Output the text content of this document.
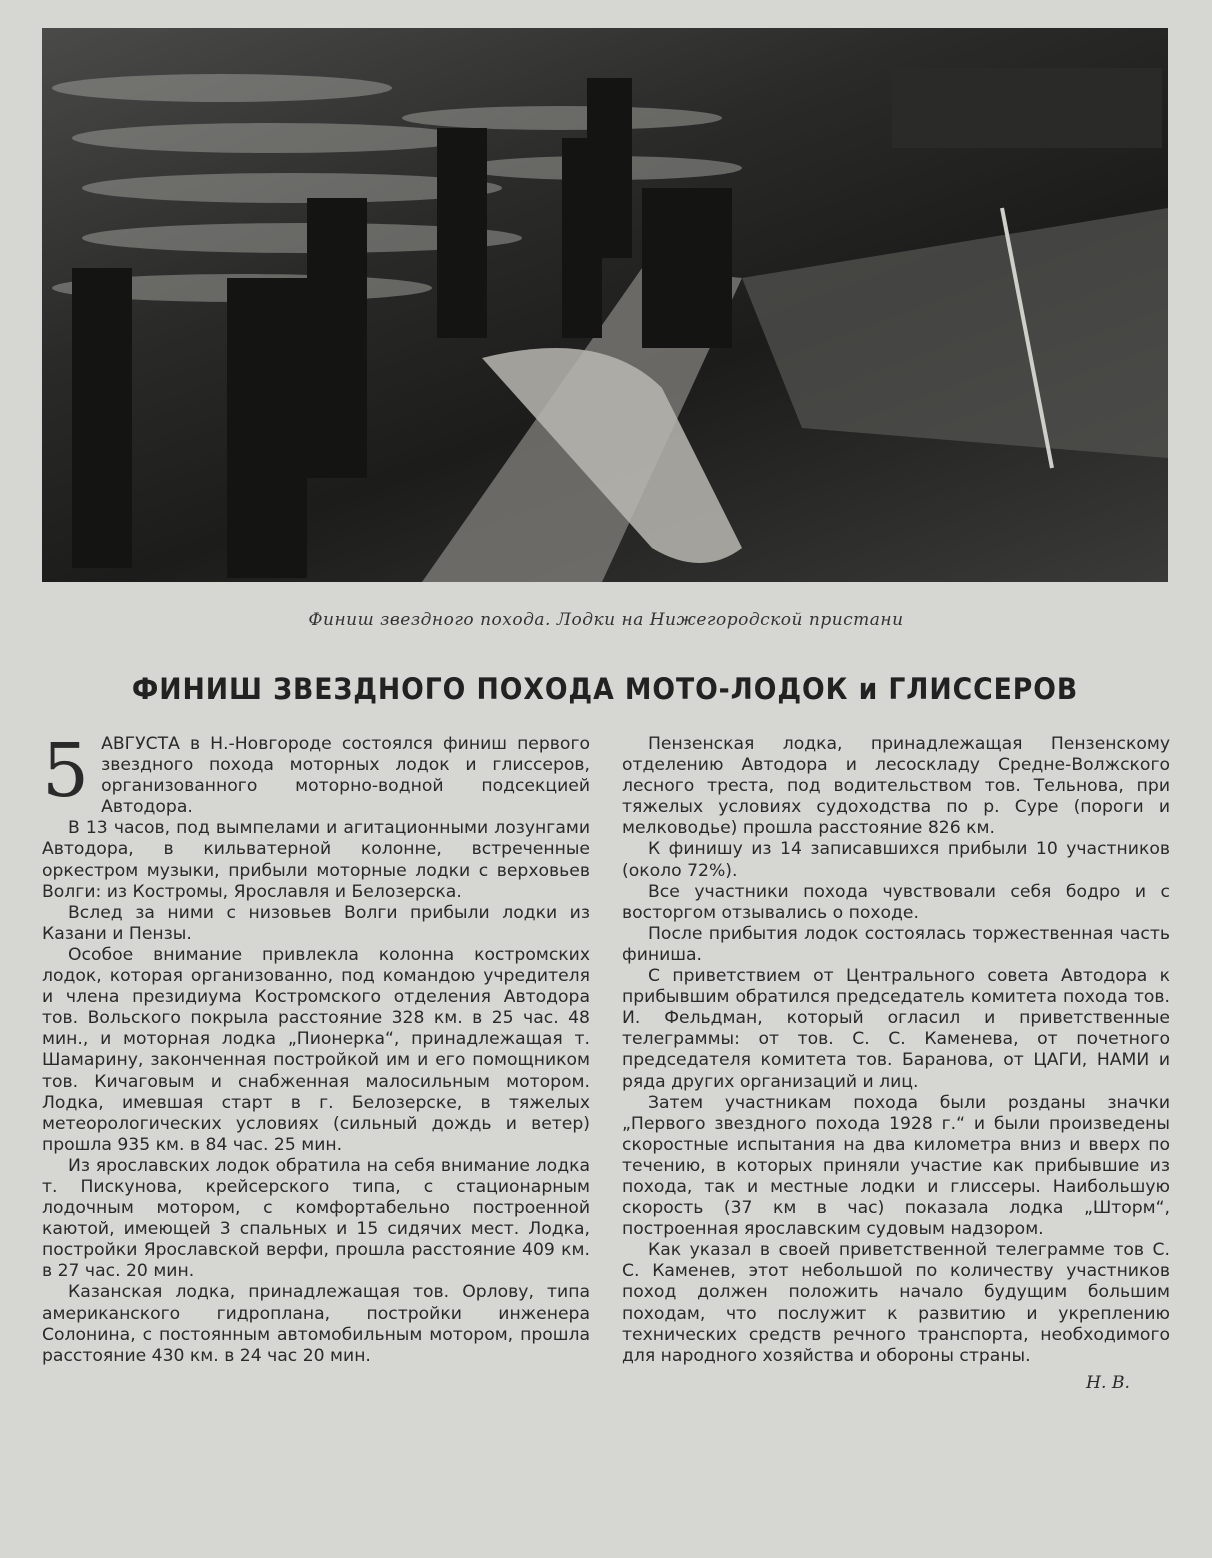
Финиш звездного похода. Лодки на Нижегородской пристани
ФИНИШ ЗВЕЗДНОГО ПОХОДА МОТО-ЛОДОК и ГЛИССЕРОВ
5 АВГУСТА в Н.-Новгороде состоялся финиш первого звездного похода моторных лодок и глиссеров, организованного моторно-водной подсекцией Автодора.

В 13 часов, под вымпелами и агитационными лозунгами Автодора, в кильватерной колонне, встреченные оркестром музыки, прибыли моторные лодки с верховьев Волги: из Костромы, Ярославля и Белозерска.

Вслед за ними с низовьев Волги прибыли лодки из Казани и Пензы.

Особое внимание привлекла колонна костромских лодок, которая организованно, под командою учредителя и члена президиума Костромского отделения Автодора тов. Вольского покрыла расстояние 328 км. в 25 час. 48 мин., и моторная лодка „Пионерка“, принадлежащая т. Шамарину, законченная постройкой им и его помощником тов. Кичаговым и снабженная малосильным мотором. Лодка, имевшая старт в г. Белозерске, в тяжелых метеорологических условиях (сильный дождь и ветер) прошла 935 км. в 84 час. 25 мин.

Из ярославских лодок обратила на себя внимание лодка т. Пискунова, крейсерского типа, с стационарным лодочным мотором, с комфортабельно построенной каютой, имеющей 3 спальных и 15 сидячих мест. Лодка, постройки Ярославской верфи, прошла расстояние 409 км. в 27 час. 20 мин.

Казанская лодка, принадлежащая тов. Орлову, типа американского гидроплана, постройки инженера Солонина, с постоянным автомобильным мотором, прошла расстояние 430 км. в 24 час 20 мин.

Пензенская лодка, принадлежащая Пензенскому отделению Автодора и лесоскладу Средне-Волжского лесного треста, под водительством тов. Тельнова, при тяжелых условиях судоходства по р. Суре (пороги и мелководье) прошла расстояние 826 км.

К финишу из 14 записавшихся прибыли 10 участников (около 72%).

Все участники похода чувствовали себя бодро и с восторгом отзывались о походе.

После прибытия лодок состоялась торжественная часть финиша.

С приветствием от Центрального совета Автодора к прибывшим обратился председатель комитета похода тов. И. Фельдман, который огласил и приветственные телеграммы: от тов. С. С. Каменева, от почетного председателя комитета тов. Баранова, от ЦАГИ, НАМИ и ряда других организаций и лиц.

Затем участникам похода были розданы значки „Первого звездного похода 1928 г.“ и были произведены скоростные испытания на два километра вниз и вверх по течению, в которых приняли участие как прибывшие из похода, так и местные лодки и глиссеры. Наибольшую скорость (37 км в час) показала лодка „Шторм“, построенная ярославским судовым надзором.

Как указал в своей приветственной телеграмме тов С. С. Каменев, этот небольшой по количеству участников поход должен положить начало будущим большим походам, что послужит к развитию и укреплению технических средств речного транспорта, необходимого для народного хозяйства и обороны страны.

Н. В.
